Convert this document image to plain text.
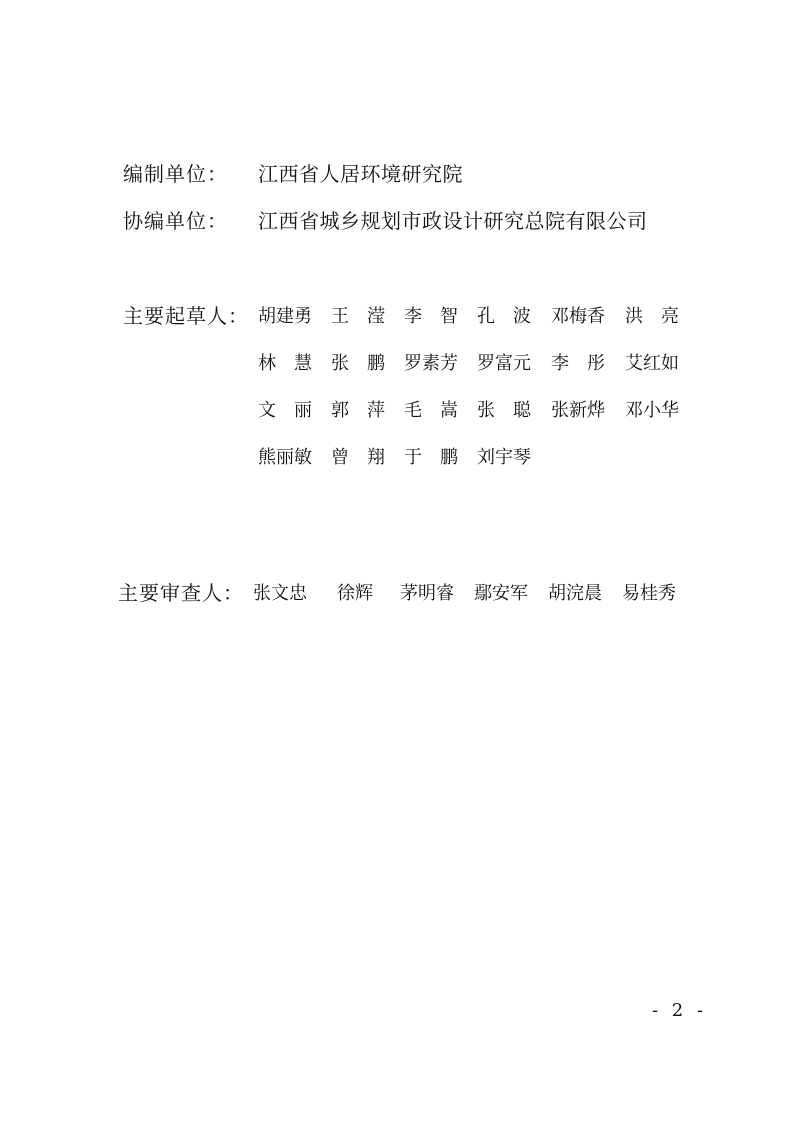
编制单位： 江西省人居环境研究院
协编单位： 江西省城乡规划市政设计研究总院有限公司
主要起草人： 胡建勇 王　滢 李　智 孔　波 邓梅香 洪　亮
林　慧 张　鹏 罗素芳 罗富元 李　彤 艾红如
文　丽 郭　萍 毛　嵩 张　聪 张新烨 邓小华
熊丽敏 曾　翔 于　鹏 刘宇琴
主要审查人： 张文忠 徐辉 茅明睿 鄢安军 胡浣晨 易桂秀
- 2 -
